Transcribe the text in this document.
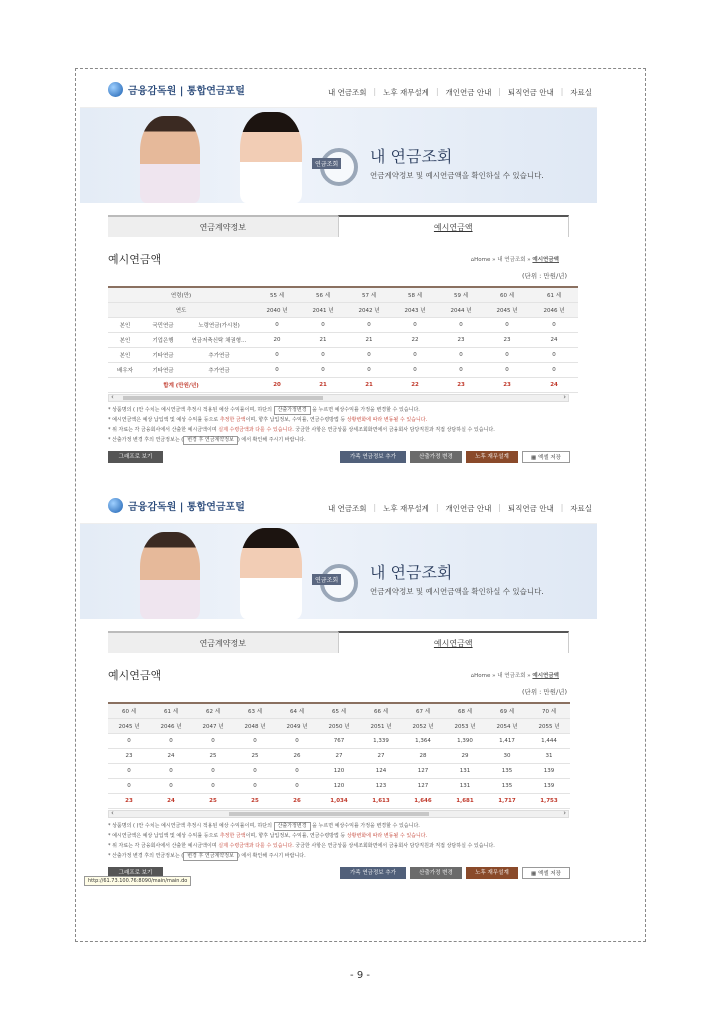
금융감독원 | 통합연금포털	내 연금조회 | 노후 재무설계 | 개인연금 안내 | 퇴직연금 안내 | 자료실
연금조회 내 연금조회
연금계약정보 및 예시연금액을 확인하실 수 있습니다.
연금계약정보	예시연금액
예시연금액	⌂Home » 내 연금조회 » 예시연금액
(단위 : 만원/년)
연령(만)			55 세	56 세	57 세	58 세	59 세	60 세	61 세
연도			2040 년	2041 년	2042 년	2043 년	2044 년	2045 년	2046 년
본인	국민연금	노령연금(가시천)	0	0	0	0	0	0	0
본인	기업은행	연금저축신탁 채권형…	20	21	21	22	23	23	24
본인	기타연금	추가연금	0	0	0	0	0	0	0
배우자	기타연금	추가연금	0	0	0	0	0	0	0
합계 (만원/년)			20	21	21	22	23	23	24
‹	›
* 상품명의 ( )안 수치는 예시연금액 추정시 적용된 예상 수익률이며, 하단의 산출가정변경 을 누르면 예상수익률 가정을 변경할 수 있습니다.
* 예시연금액은 예상 납입액 및 예상 수익률 등으로 추정한 금액이며, 향후 납입정보, 수익률, 연금수령방법 등 상황변화에 따라 변동될 수 있습니다.
* 위 자료는 각 금융회사에서 산출한 예시금액이며 실제 수령금액과 다를 수 있습니다. 궁금한 사항은 연금상품 상세조회화면에서 금융회사 담당직원과 직접 상담하실 수 있습니다.
* 산출가정 변경 후의 연금정보는 ( 변경 후 연금계약정보 ) 에서 확인해 주시기 바랍니다.
그래프로 보기	가족 연금정보 추가	산출가정 변경	노후 재무설계	▦ 엑셀 저장
금융감독원 | 통합연금포털	내 연금조회 | 노후 재무설계 | 개인연금 안내 | 퇴직연금 안내 | 자료실
연금조회 내 연금조회
연금계약정보 및 예시연금액을 확인하실 수 있습니다.
연금계약정보	예시연금액
예시연금액	⌂Home » 내 연금조회 » 예시연금액
(단위 : 만원/년)
60 세	61 세	62 세	63 세	64 세	65 세	66 세	67 세	68 세	69 세	70 세
2045 년	2046 년	2047 년	2048 년	2049 년	2050 년	2051 년	2052 년	2053 년	2054 년	2055 년
0	0	0	0	0	767	1,339	1,364	1,390	1,417	1,444
23	24	25	25	26	27	27	28	29	30	31
0	0	0	0	0	120	124	127	131	135	139
0	0	0	0	0	120	123	127	131	135	139
23	24	25	25	26	1,034	1,613	1,646	1,681	1,717	1,753
‹	›
* 상품명의 ( )안 수치는 예시연금액 추정시 적용된 예상 수익률이며, 하단의 산출가정변경 을 누르면 예상수익률 가정을 변경할 수 있습니다.
* 예시연금액은 예상 납입액 및 예상 수익률 등으로 추정한 금액이며, 향후 납입정보, 수익률, 연금수령방법 등 상황변화에 따라 변동될 수 있습니다.
* 위 자료는 각 금융회사에서 산출한 예시금액이며 실제 수령금액과 다를 수 있습니다. 궁금한 사항은 연금상품 상세조회화면에서 금융회사 담당직원과 직접 상담하실 수 있습니다.
* 산출가정 변경 후의 연금정보는 ( 변경 후 연금계약정보 ) 에서 확인해 주시기 바랍니다.
그래프로 보기	가족 연금정보 추가	산출가정 변경	노후 재무설계	▦ 엑셀 저장
http://61.73.100.76:8090/main/main.do
- 9 -
